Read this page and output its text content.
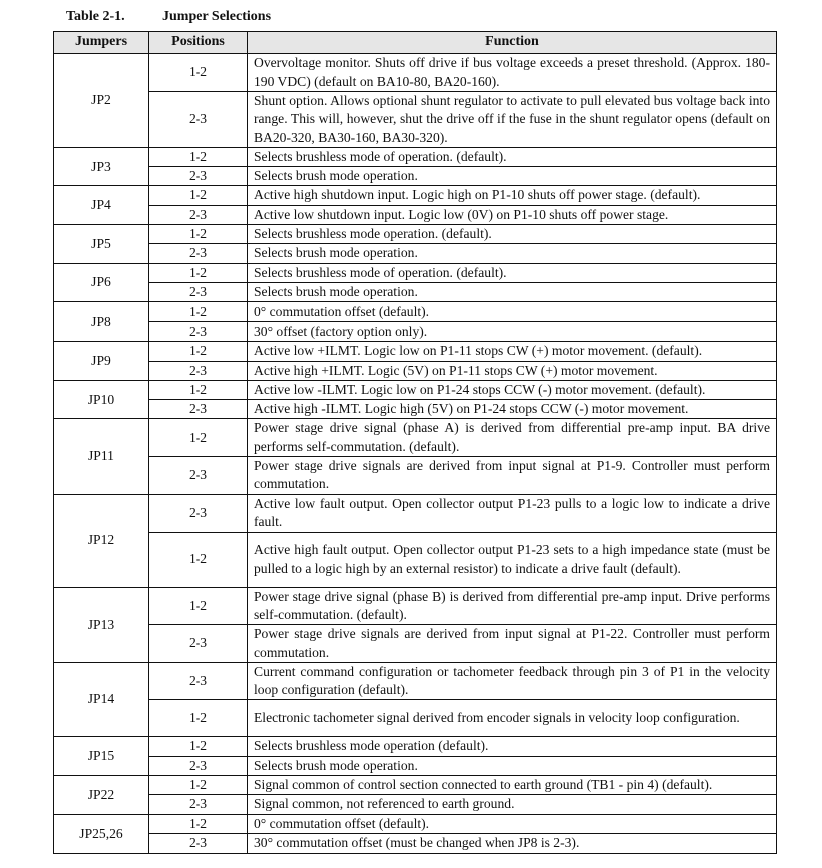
Table 2-1.	Jumper Selections
Jumpers	Positions	Function
JP2	1-2	Overvoltage monitor. Shuts off drive if bus voltage exceeds a preset threshold. (Approx. 180-190 VDC) (default on BA10-80, BA20-160).
	2-3	Shunt option. Allows optional shunt regulator to activate to pull elevated bus voltage back into range. This will, however, shut the drive off if the fuse in the shunt regulator opens (default on BA20-320, BA30-160, BA30-320).
JP3	1-2	Selects brushless mode of operation. (default).
	2-3	Selects brush mode operation.
JP4	1-2	Active high shutdown input. Logic high on P1-10 shuts off power stage. (default).
	2-3	Active low shutdown input. Logic low (0V) on P1-10 shuts off power stage.
JP5	1-2	Selects brushless mode operation. (default).
	2-3	Selects brush mode operation.
JP6	1-2	Selects brushless mode of operation. (default).
	2-3	Selects brush mode operation.
JP8	1-2	0° commutation offset (default).
	2-3	30° offset (factory option only).
JP9	1-2	Active low +ILMT. Logic low on P1-11 stops CW (+) motor movement. (default).
	2-3	Active high +ILMT. Logic (5V) on P1-11 stops CW (+) motor movement.
JP10	1-2	Active low -ILMT. Logic low on P1-24 stops CCW (-) motor movement. (default).
	2-3	Active high -ILMT. Logic high (5V) on P1-24 stops CCW (-) motor movement.
JP11	1-2	Power stage drive signal (phase A) is derived from differential pre-amp input. BA drive performs self-commutation. (default).
	2-3	Power stage drive signals are derived from input signal at P1-9. Controller must perform commutation.
JP12	2-3	Active low fault output. Open collector output P1-23 pulls to a logic low to indicate a drive fault.
	1-2	Active high fault output. Open collector output P1-23 sets to a high impedance state (must be pulled to a logic high by an external resistor) to indicate a drive fault (default).
JP13	1-2	Power stage drive signal (phase B) is derived from differential pre-amp input. Drive performs self-commutation. (default).
	2-3	Power stage drive signals are derived from input signal at P1-22. Controller must perform commutation.
JP14	2-3	Current command configuration or tachometer feedback through pin 3 of P1 in the velocity loop configuration (default).
	1-2	Electronic tachometer signal derived from encoder signals in velocity loop configuration.
JP15	1-2	Selects brushless mode operation (default).
	2-3	Selects brush mode operation.
JP22	1-2	Signal common of control section connected to earth ground (TB1 - pin 4) (default).
	2-3	Signal common, not referenced to earth ground.
JP25,26	1-2	0° commutation offset (default).
	2-3	30° commutation offset (must be changed when JP8 is 2-3).
